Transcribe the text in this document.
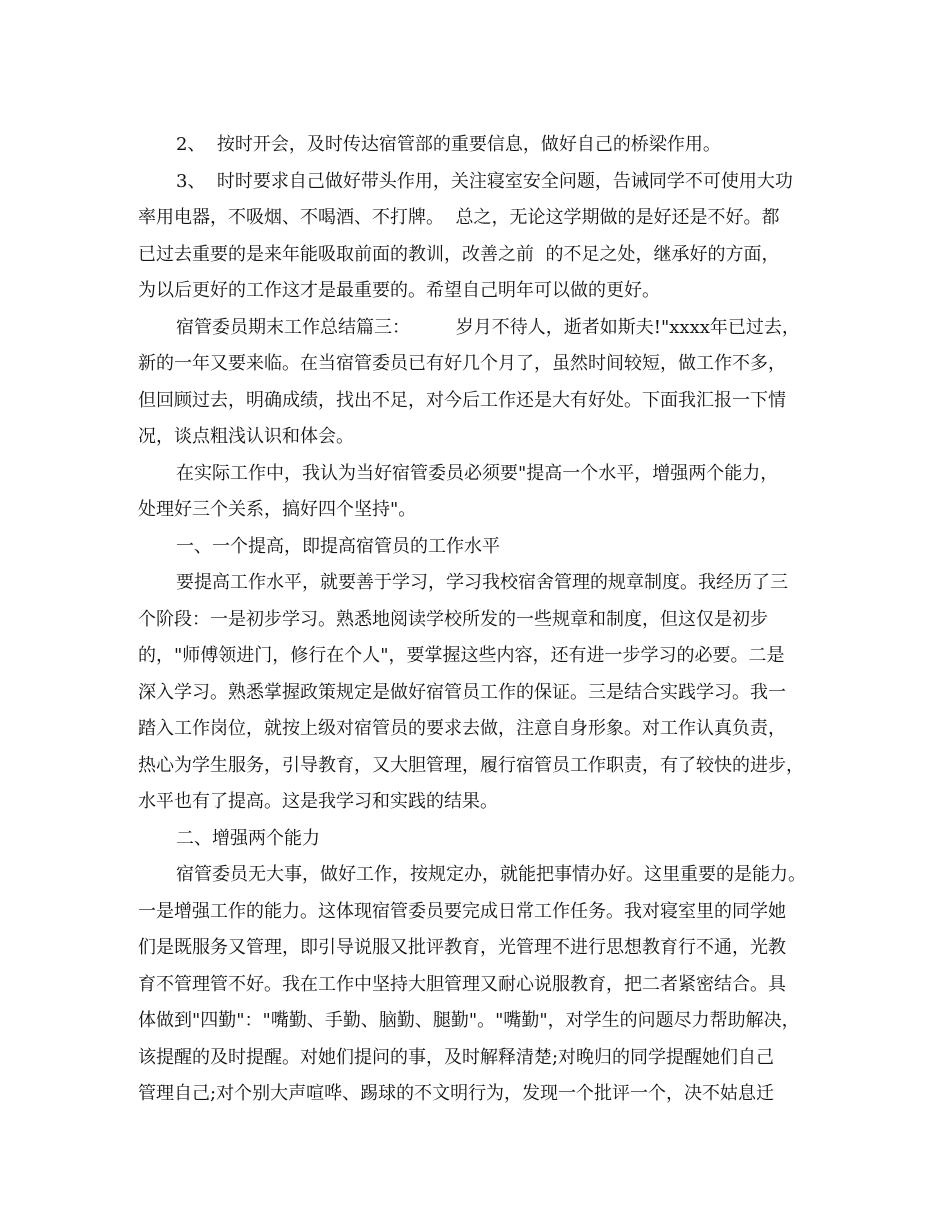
2、  按时开会，及时传达宿管部的重要信息，做好自己的桥梁作用。
3、  时时要求自己做好带头作用，关注寝室安全问题，告诫同学不可使用大功
率用电器，不吸烟、不喝酒、不打牌。  总之，无论这学期做的是好还是不好。都
已过去重要的是来年能吸取前面的教训，改善之前  的不足之处，继承好的方面，
为以后更好的工作这才是最重要的。希望自己明年可以做的更好。
宿管委员期末工作总结篇三：        岁月不待人，逝者如斯夫!"xxxx年已过去，
新的一年又要来临。在当宿管委员已有好几个月了，虽然时间较短，做工作不多，
但回顾过去，明确成绩，找出不足，对今后工作还是大有好处。下面我汇报一下情
况，谈点粗浅认识和体会。
在实际工作中，我认为当好宿管委员必须要"提高一个水平，增强两个能力，
处理好三个关系，搞好四个坚持"。
一、一个提高，即提高宿管员的工作水平
要提高工作水平，就要善于学习，学习我校宿舍管理的规章制度。我经历了三
个阶段：一是初步学习。熟悉地阅读学校所发的一些规章和制度，但这仅是初步
的，"师傅领进门，修行在个人"，要掌握这些内容，还有进一步学习的必要。二是
深入学习。熟悉掌握政策规定是做好宿管员工作的保证。三是结合实践学习。我一
踏入工作岗位，就按上级对宿管员的要求去做，注意自身形象。对工作认真负责，
热心为学生服务，引导教育，又大胆管理，履行宿管员工作职责，有了较快的进步，
水平也有了提高。这是我学习和实践的结果。
二、增强两个能力
宿管委员无大事，做好工作，按规定办，就能把事情办好。这里重要的是能力。
一是增强工作的能力。这体现宿管委员要完成日常工作任务。我对寝室里的同学她
们是既服务又管理，即引导说服又批评教育，光管理不进行思想教育行不通，光教
育不管理管不好。我在工作中坚持大胆管理又耐心说服教育，把二者紧密结合。具
体做到"四勤"："嘴勤、手勤、脑勤、腿勤"。"嘴勤"，对学生的问题尽力帮助解决，
该提醒的及时提醒。对她们提问的事，及时解释清楚;对晚归的同学提醒她们自己
管理自己;对个别大声喧哗、踢球的不文明行为，发现一个批评一个，决不姑息迁
